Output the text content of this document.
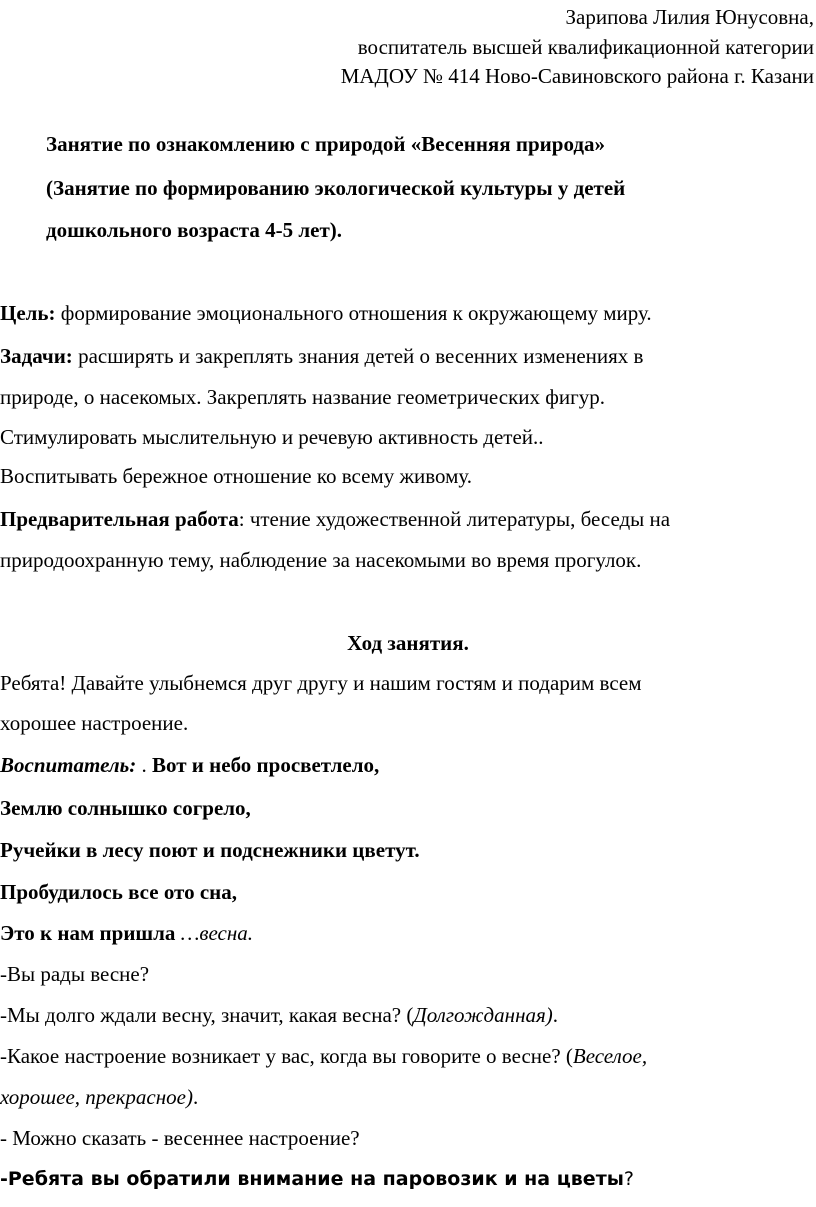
Зарипова Лилия Юнусовна,

воспитатель высшей квалификационной категории

МАДОУ № 414 Ново-Савиновского района г. Казани

Занятие по ознакомлению с природой «Весенняя природа»

(Занятие по формированию экологической культуры у детей

дошкольного возраста 4-5 лет).

Цель: формирование эмоционального отношения к окружающему миру.

Задачи: расширять и закреплять знания детей о весенних изменениях в

природе, о насекомых. Закреплять название геометрических фигур.

Стимулировать мыслительную и речевую активность детей..

Воспитывать бережное отношение ко всему живому.

Предварительная работа: чтение художественной литературы, беседы на

природоохранную тему, наблюдение за насекомыми во время прогулок.

Ход занятия.

Ребята! Давайте улыбнемся друг другу и нашим гостям и подарим всем

хорошее настроение.

Воспитатель: . Вот и небо просветлело,

Землю солнышко согрело,

Ручейки в лесу поют и подснежники цветут.

Пробудилось все ото сна,

Это к нам пришла …весна.

-Вы рады весне?

-Мы долго ждали весну, значит, какая весна? (Долгожданная).

-Какое настроение возникает у вас, когда вы говорите о весне? (Веселое,

хорошее, прекрасное).

- Можно сказать - весеннее настроение?

-Ребята вы обратили внимание на паровозик и на цветы?
